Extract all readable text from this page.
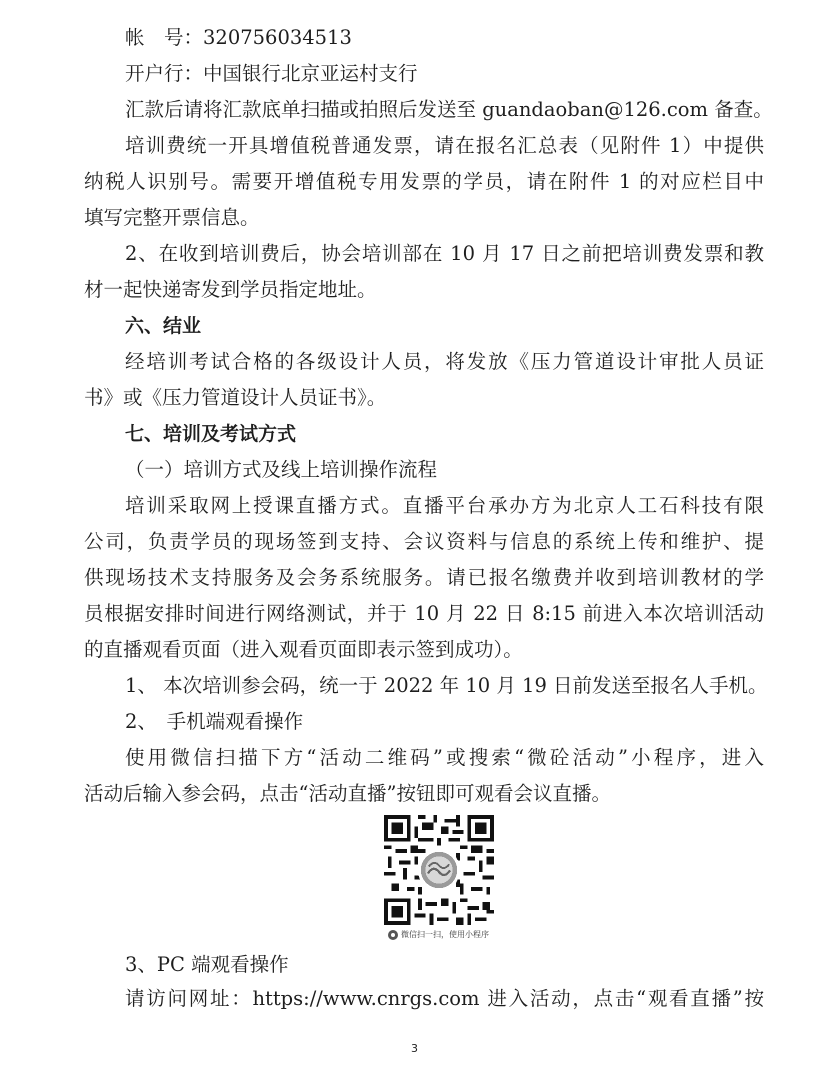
帐　号：320756034513
开户行：中国银行北京亚运村支行
汇款后请将汇款底单扫描或拍照后发送至 guandaoban@126.com 备查。
培训费统一开具增值税普通发票，请在报名汇总表（见附件 1）中提供
纳税人识别号。需要开增值税专用发票的学员，请在附件 1 的对应栏目中
填写完整开票信息。
2、在收到培训费后，协会培训部在 10 月 17 日之前把培训费发票和教
材一起快递寄发到学员指定地址。
六、结业
经培训考试合格的各级设计人员，将发放《压力管道设计审批人员证
书》或《压力管道设计人员证书》。
七、培训及考试方式
（一）培训方式及线上培训操作流程
培训采取网上授课直播方式。直播平台承办方为北京人工石科技有限
公司，负责学员的现场签到支持、会议资料与信息的系统上传和维护、提
供现场技术支持服务及会务系统服务。请已报名缴费并收到培训教材的学
员根据安排时间进行网络测试，并于 10 月 22 日 8:15 前进入本次培训活动
的直播观看页面（进入观看页面即表示签到成功）。
1、 本次培训参会码，统一于 2022 年 10 月 19 日前发送至报名人手机。
2、　手机端观看操作
使用微信扫描下方“活动二维码”或搜索“微砼活动”小程序，进入
微信扫一扫，使用小程序
3、PC 端观看操作
请访问网址：https://www.cnrgs.com 进入活动，点击“观看直播”按
3
活动后输入参会码，点击“活动直播”按钮即可观看会议直播。
